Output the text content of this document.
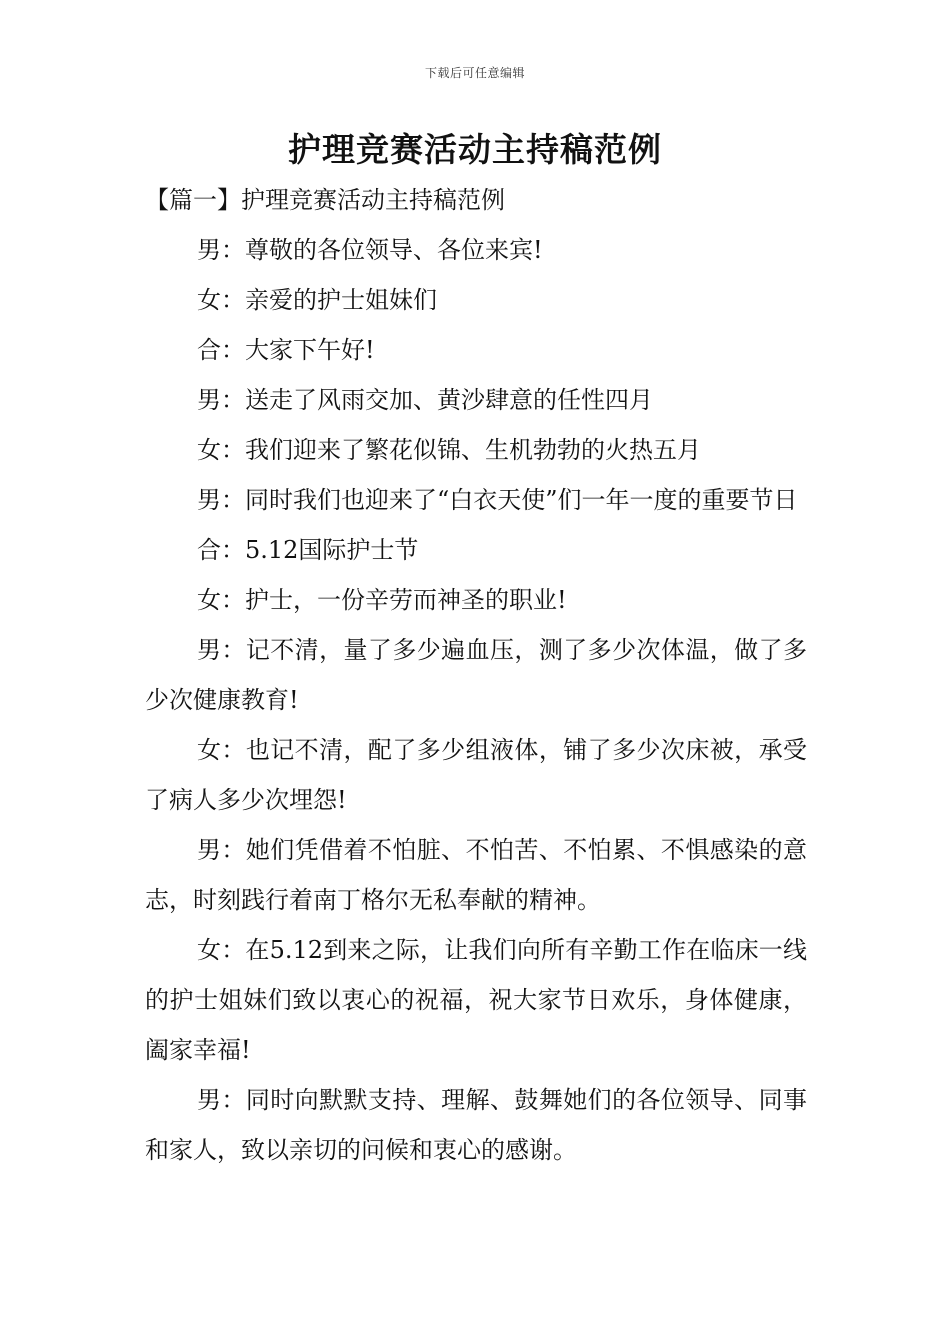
下载后可任意编辑
护理竞赛活动主持稿范例
【篇一】护理竞赛活动主持稿范例

男：尊敬的各位领导、各位来宾!

女：亲爱的护士姐妹们

合：大家下午好!

男：送走了风雨交加、黄沙肆意的任性四月

女：我们迎来了繁花似锦、生机勃勃的火热五月

男：同时我们也迎来了“白衣天使”们一年一度的重要节日

合：5.12国际护士节

女：护士，一份辛劳而神圣的职业!

男：记不清，量了多少遍血压，测了多少次体温，做了多少次健康教育!

女：也记不清，配了多少组液体，铺了多少次床被，承受了病人多少次埋怨!

男：她们凭借着不怕脏、不怕苦、不怕累、不惧感染的意志，时刻践行着南丁格尔无私奉献的精神。

女：在5.12到来之际，让我们向所有辛勤工作在临床一线的护士姐妹们致以衷心的祝福，祝大家节日欢乐，身体健康，阖家幸福!

男：同时向默默支持、理解、鼓舞她们的各位领导、同事和家人，致以亲切的问候和衷心的感谢。
